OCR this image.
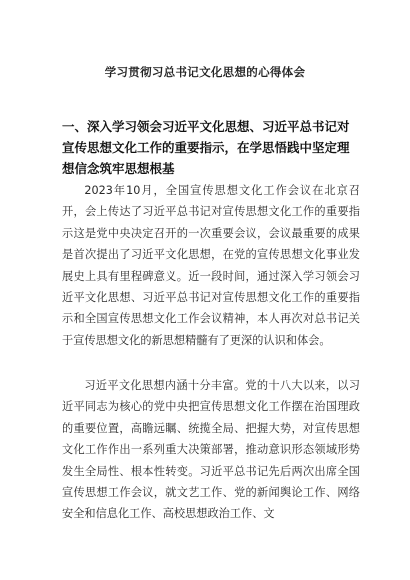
学习贯彻习总书记文化思想的心得体会
一、深入学习领会习近平文化思想、习近平总书记对宣传思想文化工作的重要指示，在学思悟践中坚定理想信念筑牢思想根基
2023年10月，全国宣传思想文化工作会议在北京召开，会上传达了习近平总书记对宣传思想文化工作的重要指示这是党中央决定召开的一次重要会议，会议最重要的成果是首次提出了习近平文化思想，在党的宣传思想文化事业发展史上具有里程碑意义。近一段时间，通过深入学习领会习近平文化思想、习近平总书记对宣传思想文化工作的重要指示和全国宣传思想文化工作会议精神，本人再次对总书记关于宣传思想文化的新思想精髓有了更深的认识和体会。
习近平文化思想内涵十分丰富。党的十八大以来，以习近平同志为核心的党中央把宣传思想文化工作摆在治国理政的重要位置，高瞻远瞩、统揽全局、把握大势，对宣传思想文化工作作出一系列重大决策部署，推动意识形态领域形势发生全局性、根本性转变。习近平总书记先后两次出席全国宣传思想工作会议，就文艺工作、党的新闻舆论工作、网络安全和信息化工作、高校思想政治工作、文
